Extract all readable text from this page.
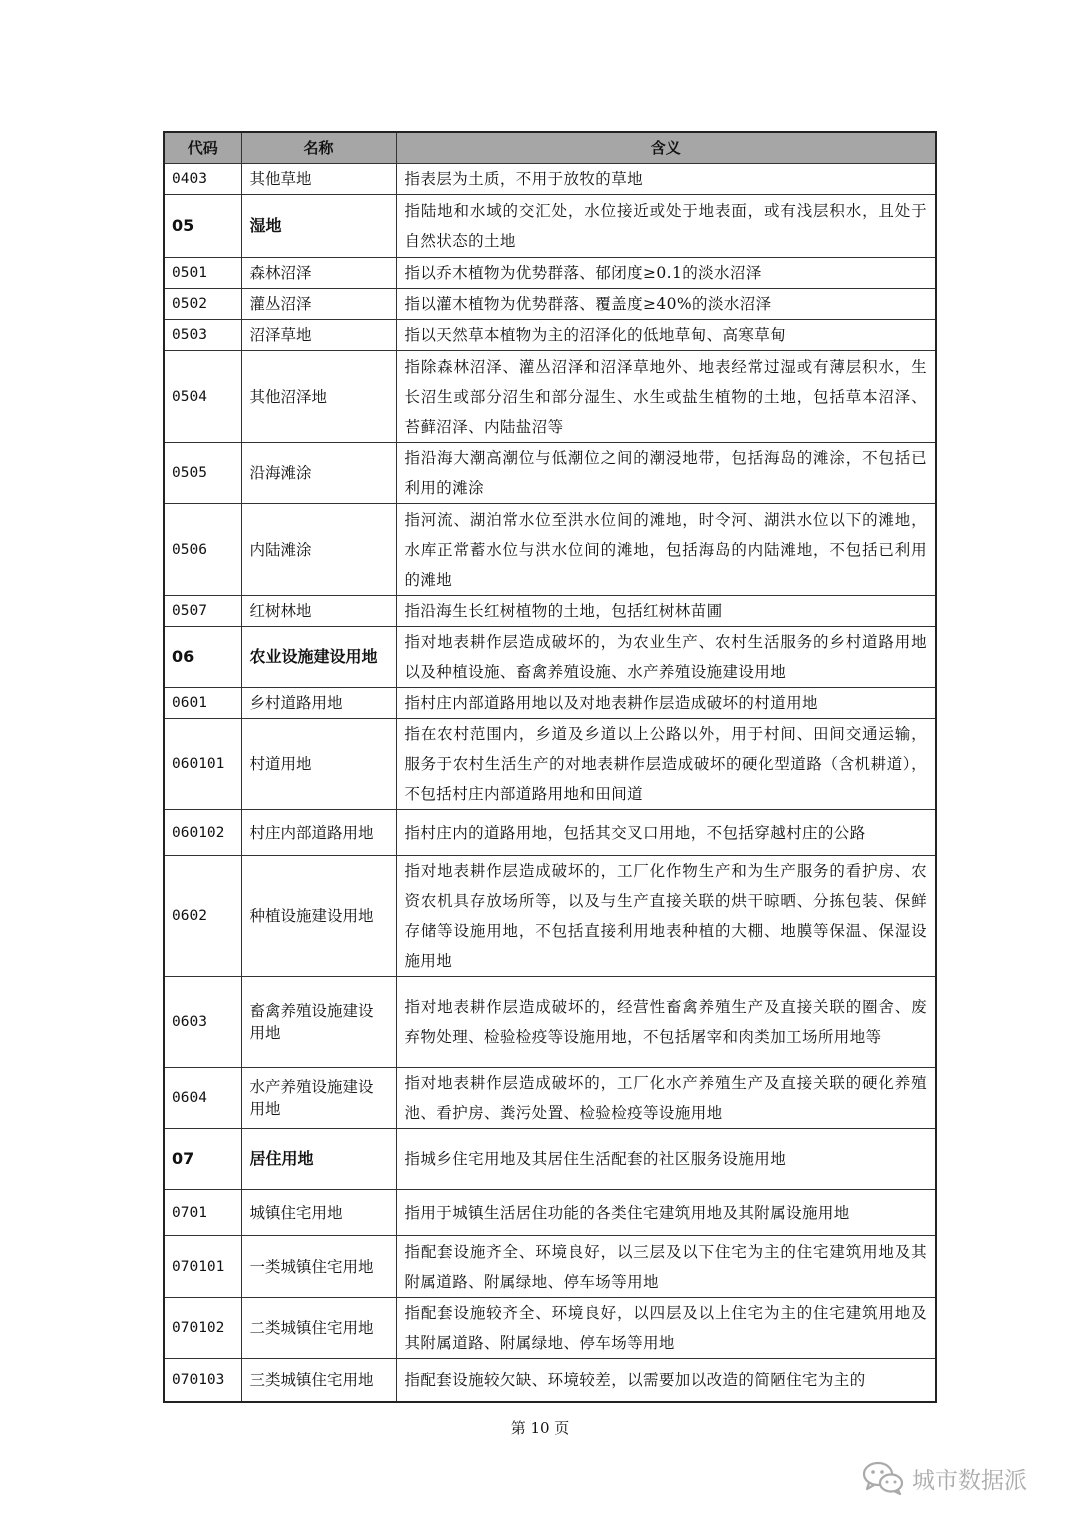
代码	名称	含义
0403	其他草地	指表层为土质，不用于放牧的草地
05	湿地	指陆地和水域的交汇处，水位接近或处于地表面，或有浅层积水，且处于自然状态的土地
0501	森林沼泽	指以乔木植物为优势群落、郁闭度≥0.1的淡水沼泽
0502	灌丛沼泽	指以灌木植物为优势群落、覆盖度≥40%的淡水沼泽
0503	沼泽草地	指以天然草本植物为主的沼泽化的低地草甸、高寒草甸
0504	其他沼泽地	指除森林沼泽、灌丛沼泽和沼泽草地外、地表经常过湿或有薄层积水，生长沼生或部分沼生和部分湿生、水生或盐生植物的土地，包括草本沼泽、苔藓沼泽、内陆盐沼等
0505	沿海滩涂	指沿海大潮高潮位与低潮位之间的潮浸地带，包括海岛的滩涂，不包括已利用的滩涂
0506	内陆滩涂	指河流、湖泊常水位至洪水位间的滩地，时令河、湖洪水位以下的滩地，水库正常蓄水位与洪水位间的滩地，包括海岛的内陆滩地，不包括已利用的滩地
0507	红树林地	指沿海生长红树植物的土地，包括红树林苗圃
06	农业设施建设用地	指对地表耕作层造成破坏的，为农业生产、农村生活服务的乡村道路用地以及种植设施、畜禽养殖设施、水产养殖设施建设用地
0601	乡村道路用地	指村庄内部道路用地以及对地表耕作层造成破坏的村道用地
060101	村道用地	指在农村范围内，乡道及乡道以上公路以外，用于村间、田间交通运输，服务于农村生活生产的对地表耕作层造成破坏的硬化型道路（含机耕道），不包括村庄内部道路用地和田间道
060102	村庄内部道路用地	指村庄内的道路用地，包括其交叉口用地，不包括穿越村庄的公路
0602	种植设施建设用地	指对地表耕作层造成破坏的，工厂化作物生产和为生产服务的看护房、农资农机具存放场所等，以及与生产直接关联的烘干晾晒、分拣包装、保鲜存储等设施用地，不包括直接利用地表种植的大棚、地膜等保温、保湿设施用地
0603	畜禽养殖设施建设用地	指对地表耕作层造成破坏的，经营性畜禽养殖生产及直接关联的圈舍、废弃物处理、检验检疫等设施用地，不包括屠宰和肉类加工场所用地等
0604	水产养殖设施建设用地	指对地表耕作层造成破坏的，工厂化水产养殖生产及直接关联的硬化养殖池、看护房、粪污处置、检验检疫等设施用地
07	居住用地	指城乡住宅用地及其居住生活配套的社区服务设施用地
0701	城镇住宅用地	指用于城镇生活居住功能的各类住宅建筑用地及其附属设施用地
070101	一类城镇住宅用地	指配套设施齐全、环境良好，以三层及以下住宅为主的住宅建筑用地及其附属道路、附属绿地、停车场等用地
070102	二类城镇住宅用地	指配套设施较齐全、环境良好，以四层及以上住宅为主的住宅建筑用地及其附属道路、附属绿地、停车场等用地
070103	三类城镇住宅用地	指配套设施较欠缺、环境较差，以需要加以改造的简陋住宅为主的
第 10 页
城市数据派
